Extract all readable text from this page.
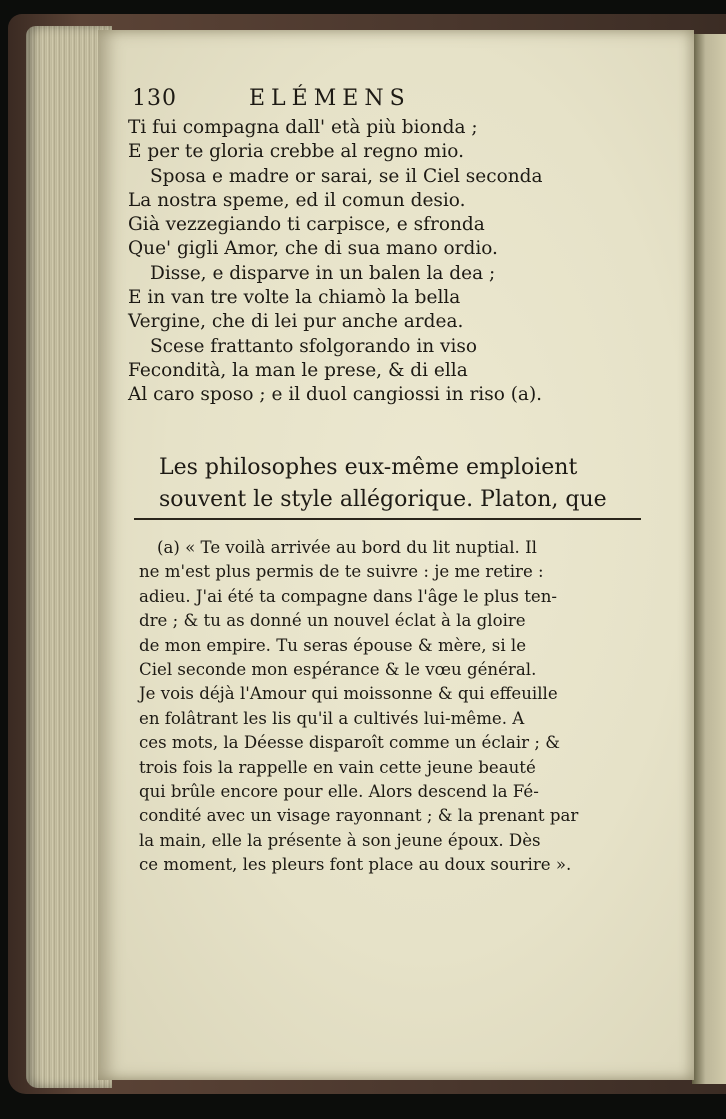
130	ELÉMENS
Ti fui compagna dall' età più bionda ;
E per te gloria crebbe al regno mio.
Sposa e madre or sarai, se il Ciel seconda
La nostra speme, ed il comun desio.
Già vezzegiando ti carpisce, e sfronda
Que' gigli Amor, che di sua mano ordio.
Disse, e disparve in un balen la dea ;
E in van tre volte la chiamò la bella
Vergine, che di lei pur anche ardea.
Scese frattanto sfolgorando in viso
Fecondità, la man le prese, & di ella
Al caro sposo ; e il duol cangiossi in riso (a).
Les philosophes eux-même emploient
souvent le style allégorique. Platon, que
(a) « Te voilà arrivée au bord du lit nuptial. Il
ne m'est plus permis de te suivre : je me retire :
adieu. J'ai été ta compagne dans l'âge le plus ten-
dre ; & tu as donné un nouvel éclat à la gloire
de mon empire. Tu seras épouse & mère, si le
Ciel seconde mon espérance & le vœu général.
Je vois déjà l'Amour qui moissonne & qui effeuille
en folâtrant les lis qu'il a cultivés lui-même. A
ces mots, la Déesse disparoît comme un éclair ; &
trois fois la rappelle en vain cette jeune beauté
qui brûle encore pour elle. Alors descend la Fé-
condité avec un visage rayonnant ; & la prenant par
la main, elle la présente à son jeune époux. Dès
ce moment, les pleurs font place au doux sourire ».
